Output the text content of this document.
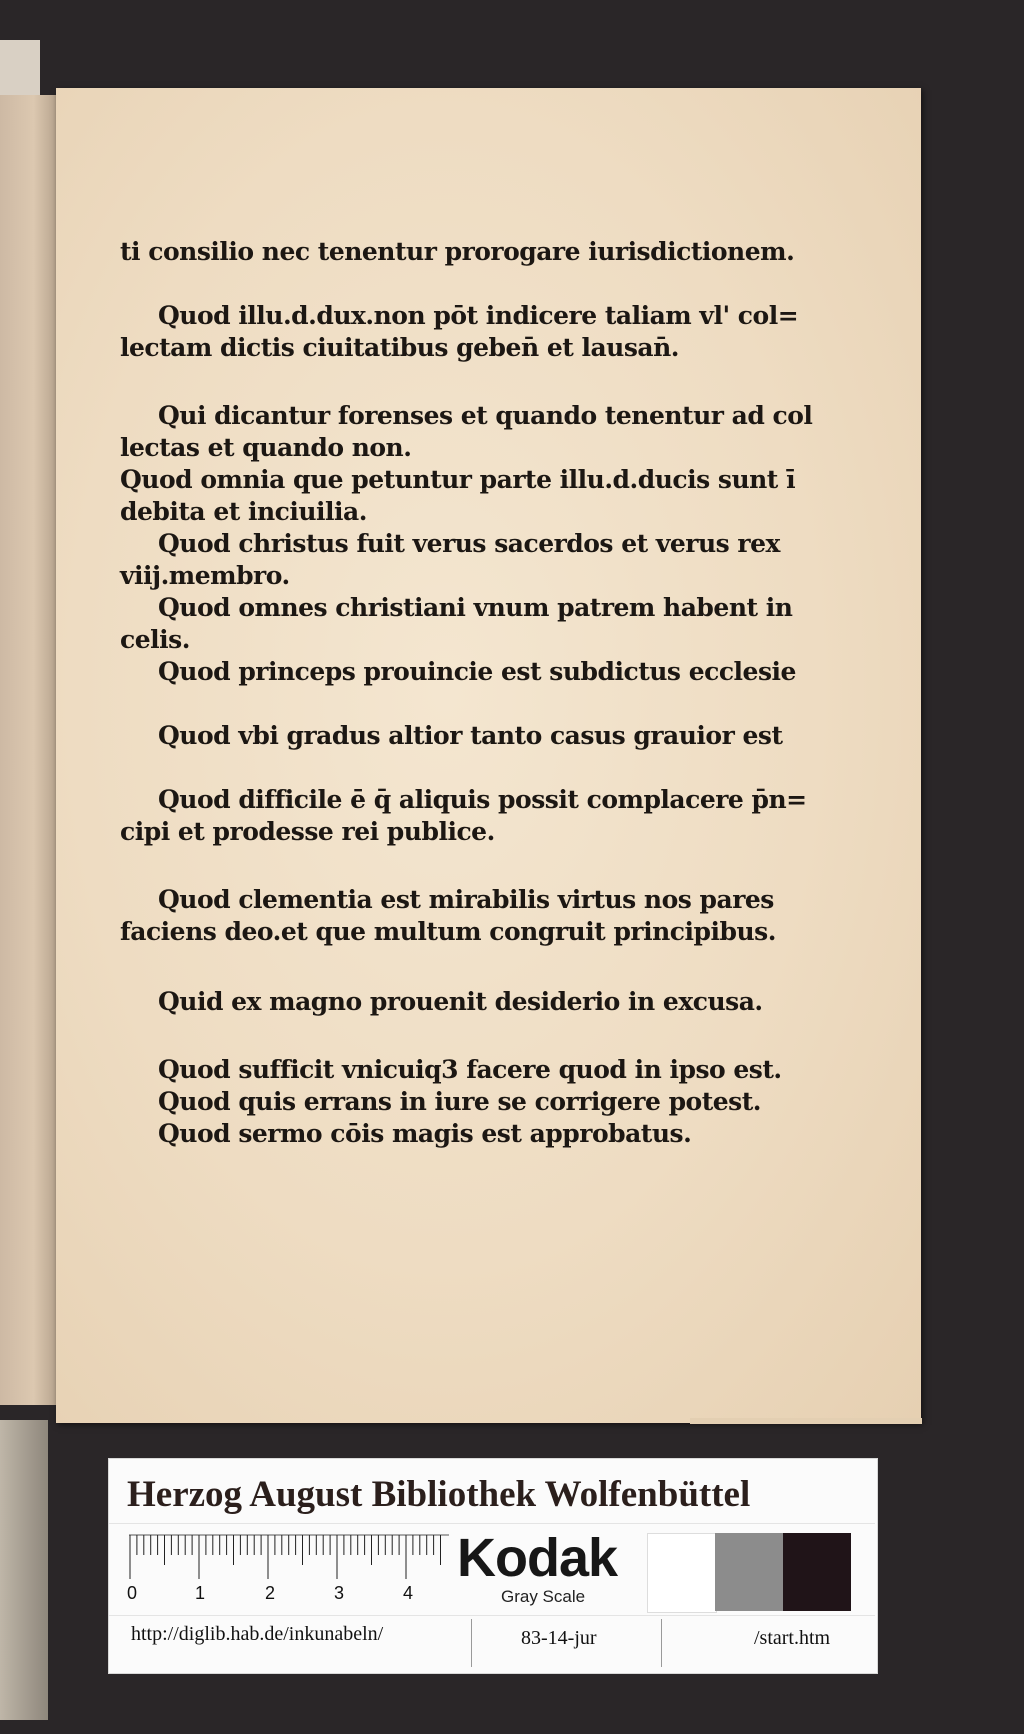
ti consilio nec tenentur prorogare iurisdictionem.
Quod illu.d.dux.non pōt indicere taliam vl' col=
lectam dictis ciuitatibus geben̄ et lausan̄.
Qui dicantur forenses et quando tenentur ad col
lectas et quando non.
Quod omnia que petuntur parte illu.d.ducis sunt ī
debita et inciuilia.
Quod christus fuit verus sacerdos et verus rex
viij.membro.
Quod omnes christiani vnum patrem habent in
celis.
Quod princeps prouincie est subdictus ecclesie
Quod vbi gradus altior tanto casus grauior est
Quod difficile ē q̄ aliquis possit complacere p̄n=
cipi et prodesse rei publice.
Quod clementia est mirabilis virtus nos pares
faciens deo.et que multum congruit principibus.
Quid ex magno prouenit desiderio in excusa.
Quod sufficit vnicuiq3 facere quod in ipso est.
Quod quis errans in iure se corrigere potest.
Quod sermo cōis magis est approbatus.
Herzog August Bibliothek Wolfenbüttel
0	1	2	3	4
Kodak
Gray Scale
http://diglib.hab.de/inkunabeln/	83-14-jur	/start.htm
